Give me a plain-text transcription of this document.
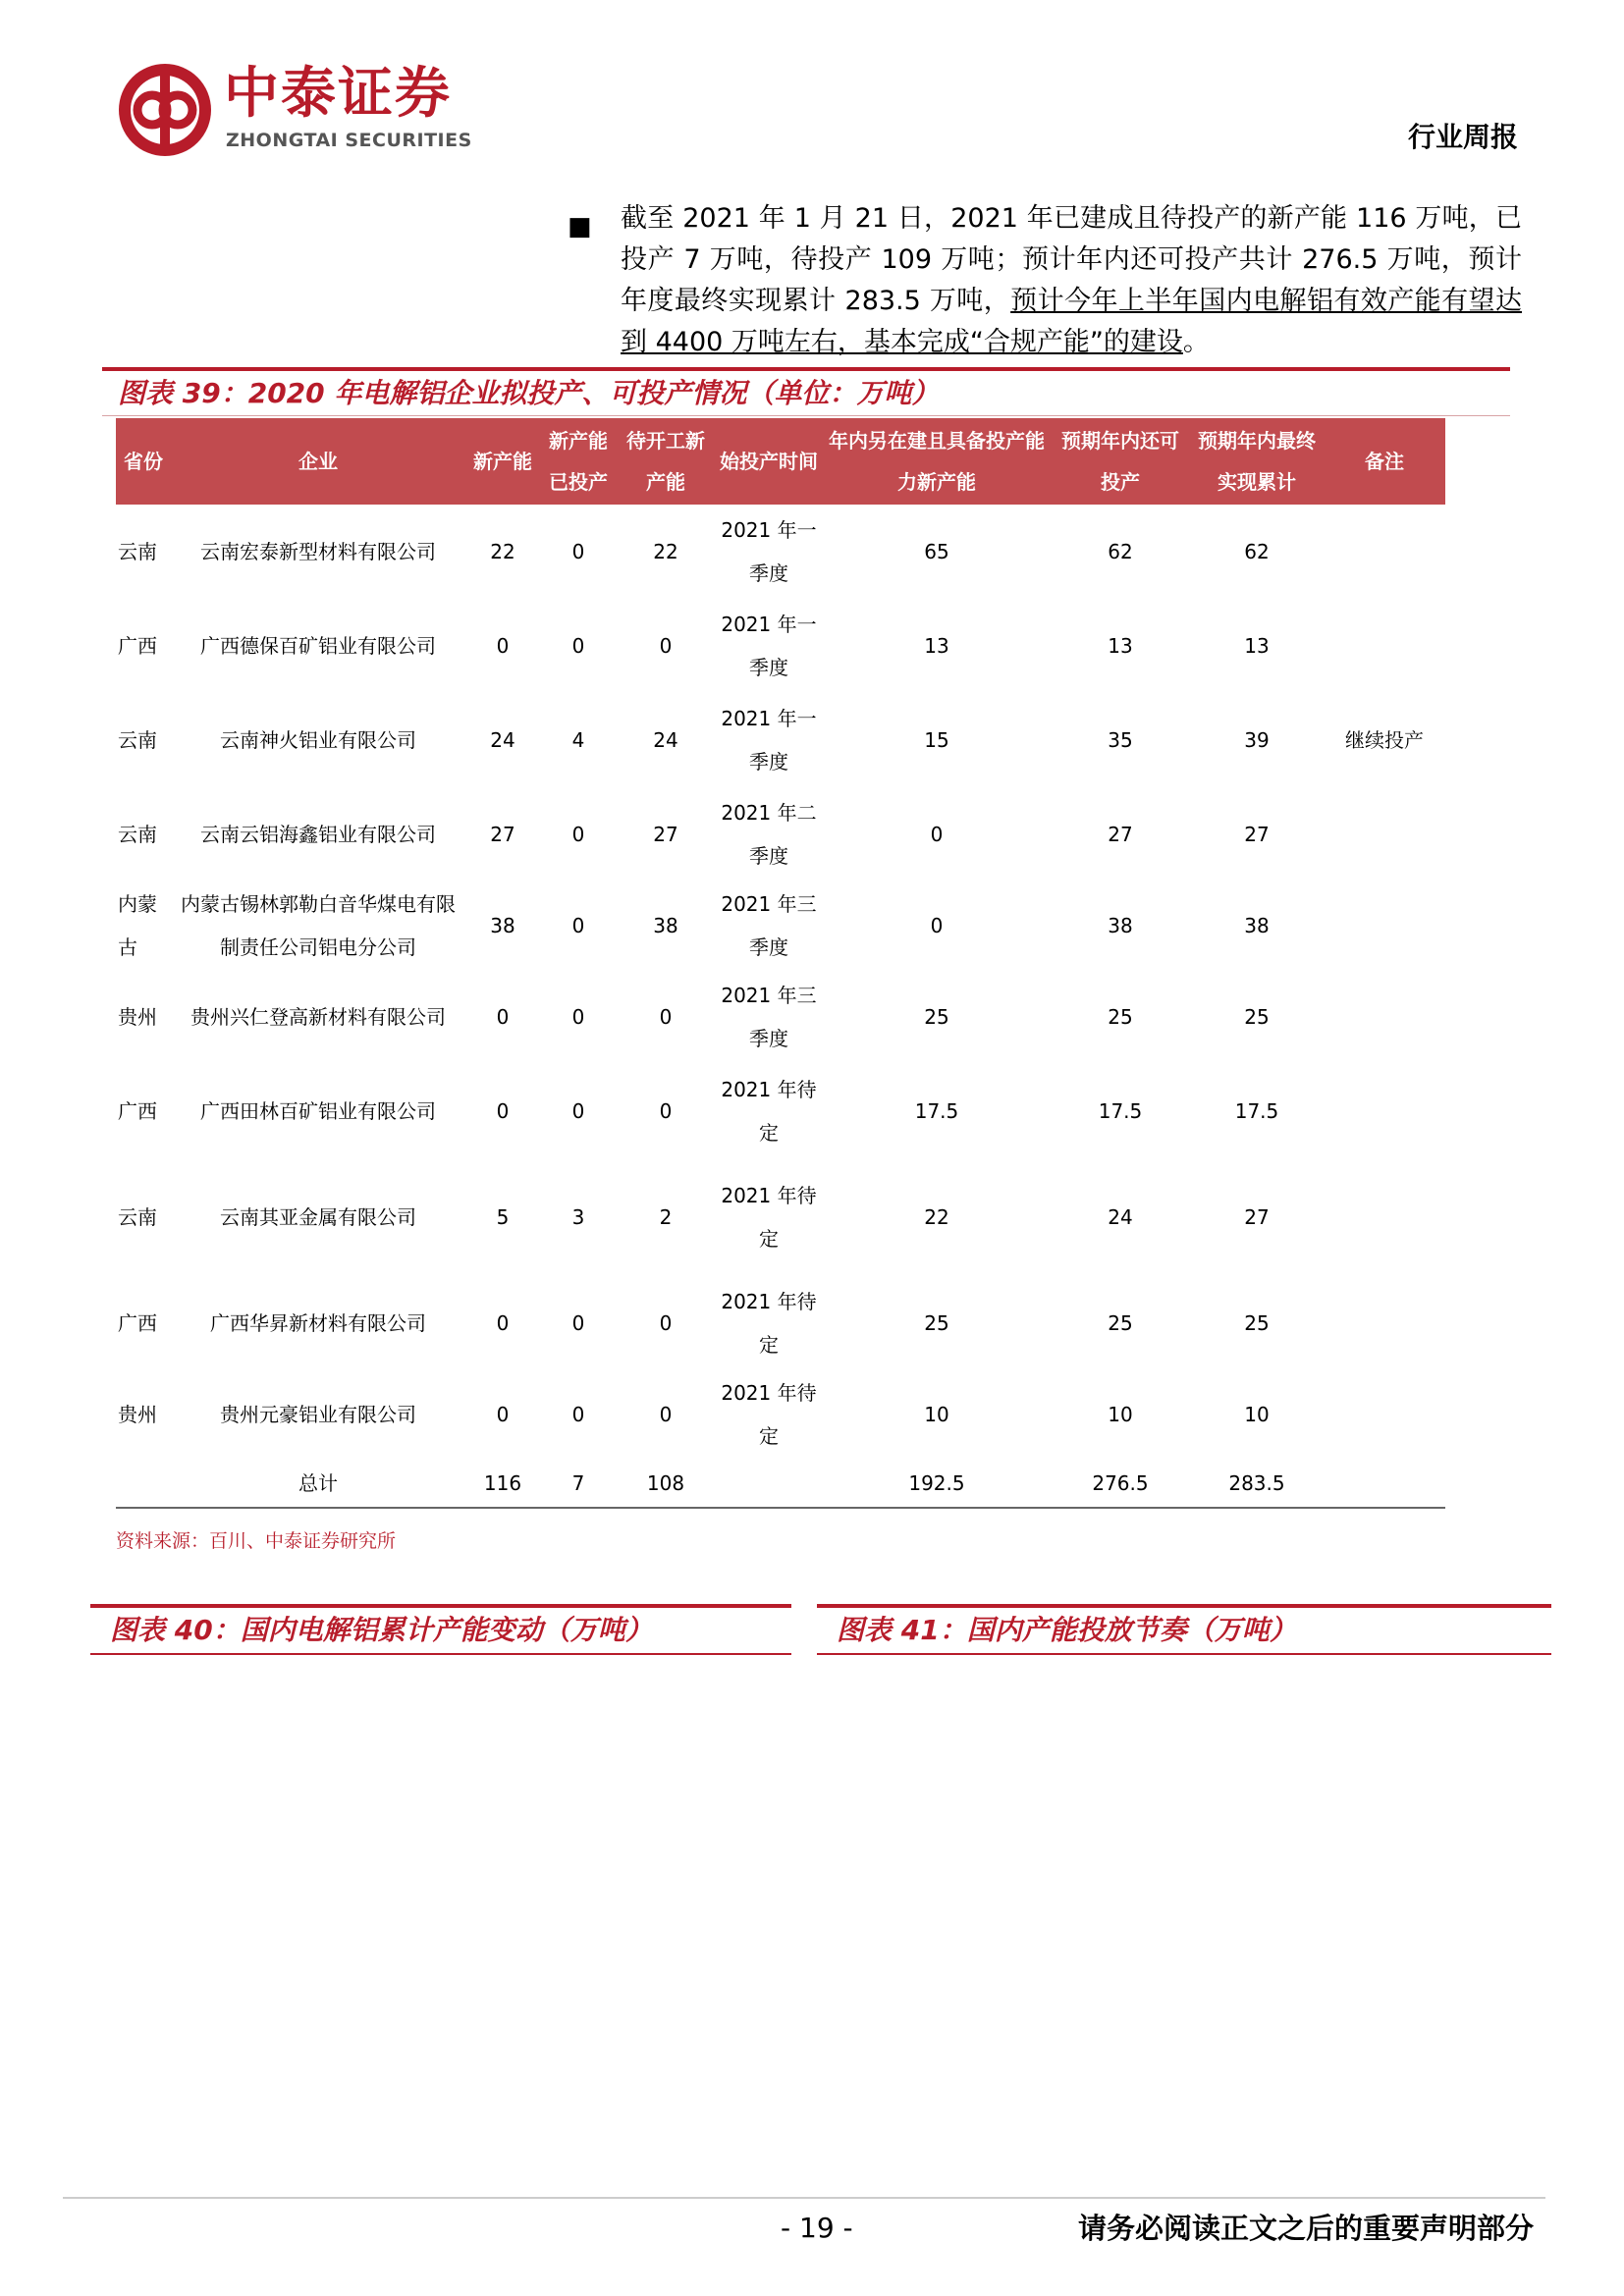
中泰证券
ZHONGTAI SECURITIES	行业周报
■ 截至 2021 年 1 月 21 日，2021 年已建成且待投产的新产能 116 万吨，已投产 7 万吨，待投产 109 万吨；预计年内还可投产共计 276.5 万吨，预计年度最终实现累计 283.5 万吨，预计今年上半年国内电解铝有效产能有望达到 4400 万吨左右，基本完成“合规产能”的建设。
图表 39：2020 年电解铝企业拟投产、可投产情况（单位：万吨）
省份	企业	新产能	新产能已投产	待开工新产能	始投产时间	年内另在建且具备投产能力新产能	预期年内还可投产	预期年内最终实现累计	备注	
云南	云南宏泰新型材料有限公司	22	0	22	2021 年一季度	65	62	62		
广西	广西德保百矿铝业有限公司	0	0	0	2021 年一季度	13	13	13		
云南	云南神火铝业有限公司	24	4	24	2021 年一季度	15	35	39	继续投产	
云南	云南云铝海鑫铝业有限公司	27	0	27	2021 年二季度	0	27	27		
内蒙古	内蒙古锡林郭勒白音华煤电有限制责任公司铝电分公司	38	0	38	2021 年三季度	0	38	38		
贵州	贵州兴仁登高新材料有限公司	0	0	0	2021 年三季度	25	25	25		
广西	广西田林百矿铝业有限公司	0	0	0	2021 年待定	17.5	17.5	17.5		
云南	云南其亚金属有限公司	5	3	2	2021 年待定	22	24	27		
广西	广西华昇新材料有限公司	0	0	0	2021 年待定	25	25	25		
贵州	贵州元豪铝业有限公司	0	0	0	2021 年待定	10	10	10		
	总计	116	7	108		192.5	276.5	283.5		
资料来源：百川、中泰证券研究所
图表 40：国内电解铝累计产能变动（万吨）	图表 41：国内产能投放节奏（万吨）
- 19 -	请务必阅读正文之后的重要声明部分
